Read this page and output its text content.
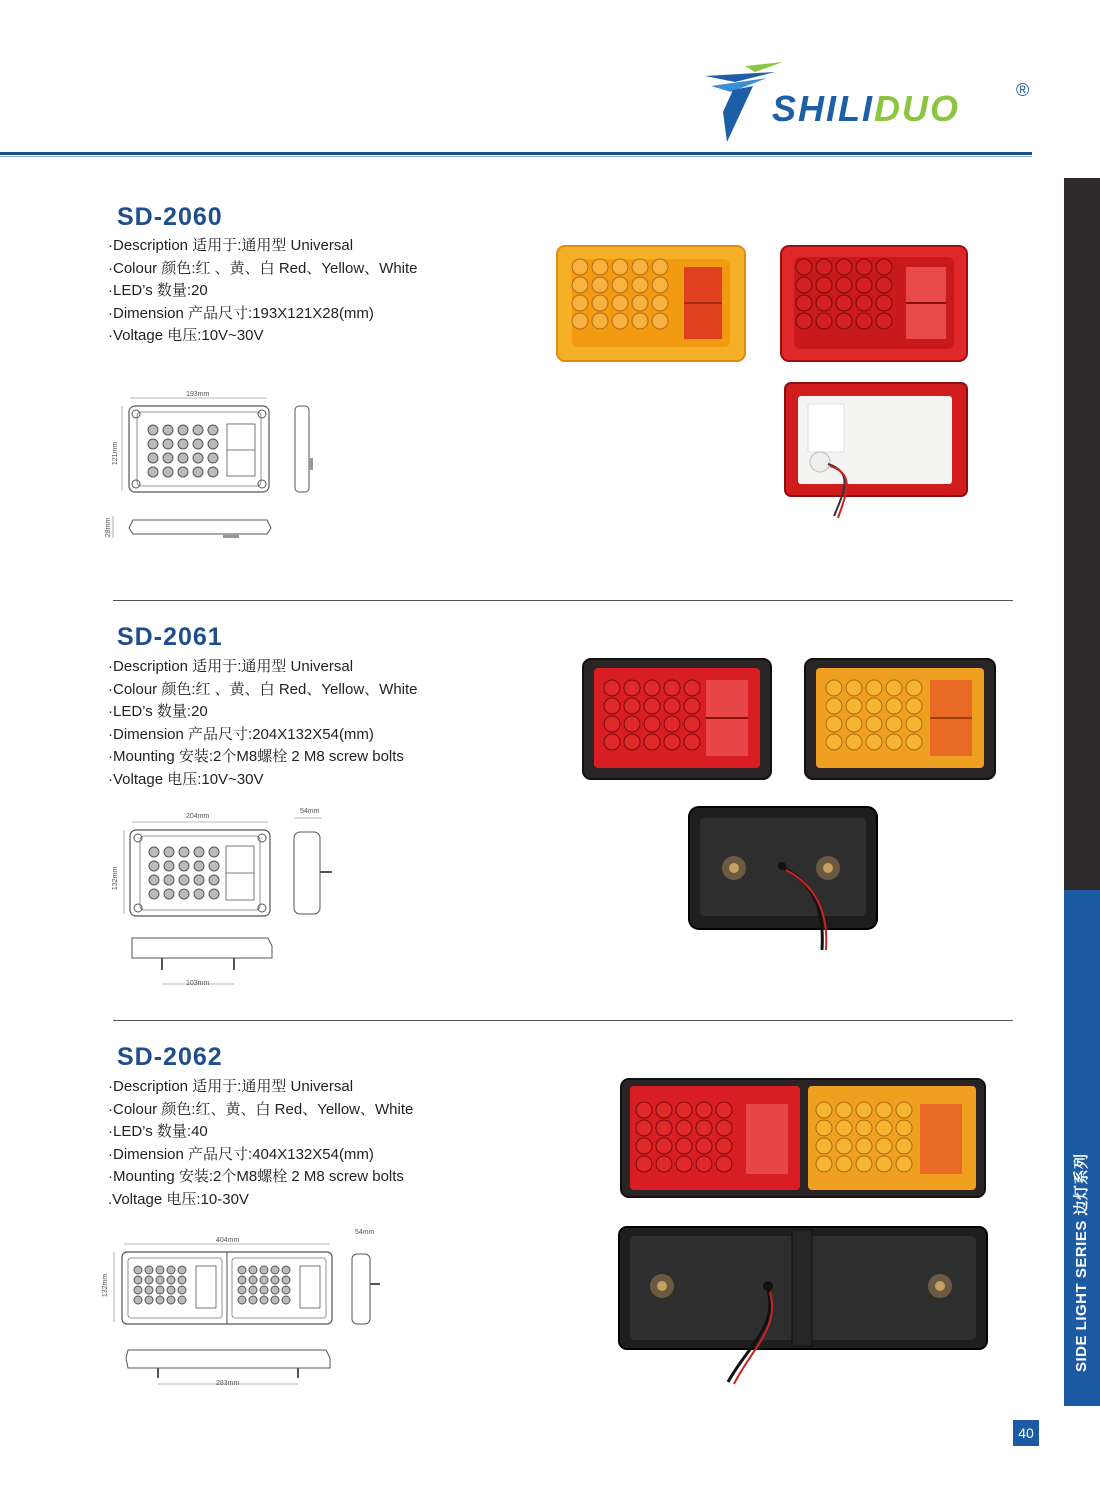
SHILIDUO	®
SIDE LIGHT SERIES 边灯系列
40
SD-2060
·Description 适用于:通用型 Universal
·Colour 颜色:红 、黄、白 Red、Yellow、White
·LED’s 数量:20
·Dimension 产品尺寸:193X121X28(mm)
·Voltage 电压:10V~30V
193mm
121mm
28mm
SD-2061
·Description 适用于:通用型 Universal
·Colour 颜色:红 、黄、白 Red、Yellow、White
·LED’s 数量:20
·Dimension 产品尺寸:204X132X54(mm)
·Mounting 安装:2个M8螺栓 2 M8 screw bolts
·Voltage 电压:10V~30V
204mm
54mm
132mm
103mm
SD-2062
·Description 适用于:通用型 Universal
·Colour 颜色:红、黄、白 Red、Yellow、White
·LED’s 数量:40
·Dimension 产品尺寸:404X132X54(mm)
·Mounting 安装:2个M8螺栓 2 M8 screw bolts
.Voltage 电压:10-30V
404mm
54mm
132mm
283mm
